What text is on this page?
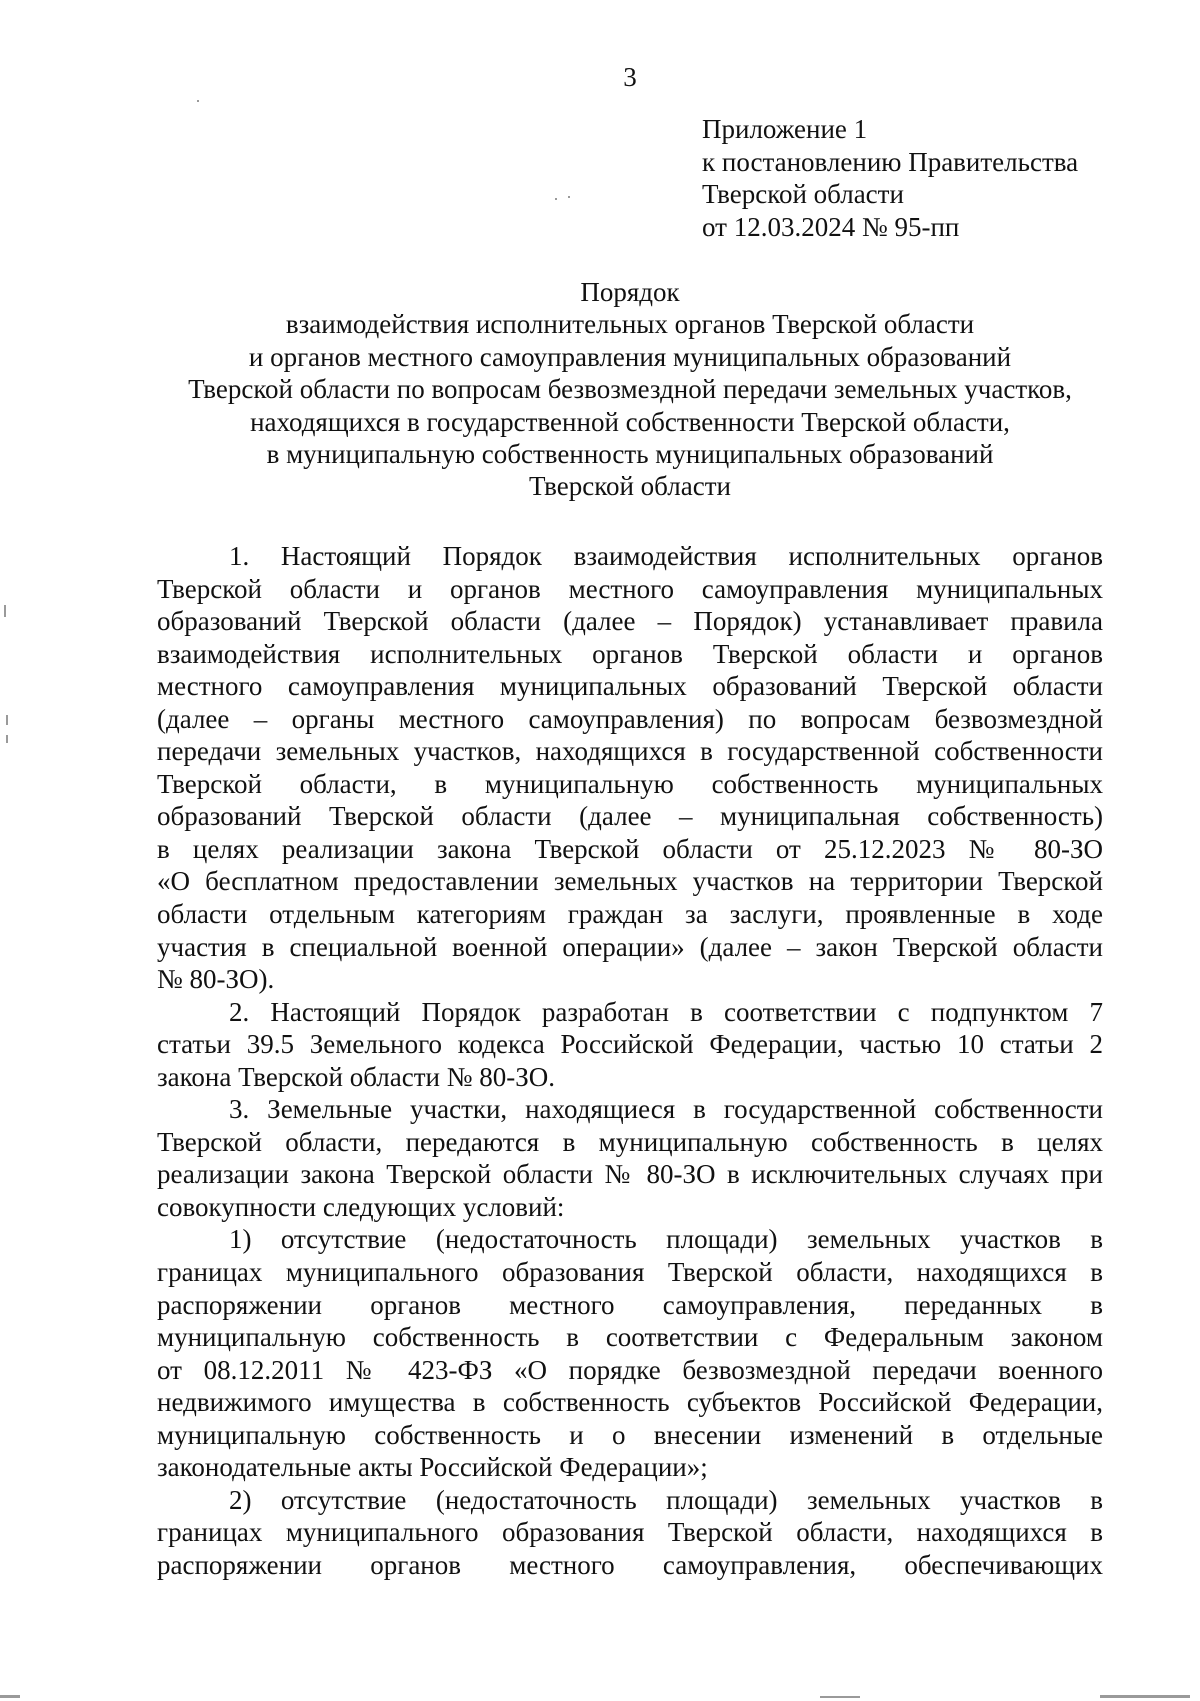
3
Приложение 1
к постановлению Правительства
Тверской области
от 12.03.2024 № 95-пп
Порядок
взаимодействия исполнительных органов Тверской области
и органов местного самоуправления муниципальных образований
Тверской области по вопросам безвозмездной передачи земельных участков,
находящихся в государственной собственности Тверской области,
в муниципальную собственность муниципальных образований
Тверской области
1. Настоящий Порядок взаимодействия исполнительных органов
Тверской области и органов местного самоуправления муниципальных
образований Тверской области (далее – Порядок) устанавливает правила
взаимодействия исполнительных органов Тверской области и органов
местного самоуправления муниципальных образований Тверской области
(далее – органы местного самоуправления) по вопросам безвозмездной
передачи земельных участков, находящихся в государственной собственности
Тверской области, в муниципальную собственность муниципальных
образований Тверской области (далее – муниципальная собственность)
в целях реализации закона Тверской области от 25.12.2023 № 80-ЗО
«О бесплатном предоставлении земельных участков на территории Тверской
области отдельным категориям граждан за заслуги, проявленные в ходе
участия в специальной военной операции» (далее – закон Тверской области
№ 80-ЗО).
2. Настоящий Порядок разработан в соответствии с подпунктом 7
статьи 39.5 Земельного кодекса Российской Федерации, частью 10 статьи 2
закона Тверской области № 80-ЗО.
3. Земельные участки, находящиеся в государственной собственности
Тверской области, передаются в муниципальную собственность в целях
реализации закона Тверской области № 80-ЗО в исключительных случаях при
совокупности следующих условий:
1) отсутствие (недостаточность площади) земельных участков в
границах муниципального образования Тверской области, находящихся в
распоряжении органов местного самоуправления, переданных в
муниципальную собственность в соответствии с Федеральным законом
от 08.12.2011 № 423-ФЗ «О порядке безвозмездной передачи военного
недвижимого имущества в собственность субъектов Российской Федерации,
муниципальную собственность и о внесении изменений в отдельные
законодательные акты Российской Федерации»;
2) отсутствие (недостаточность площади) земельных участков в
границах муниципального образования Тверской области, находящихся в
распоряжении органов местного самоуправления, обеспечивающих
